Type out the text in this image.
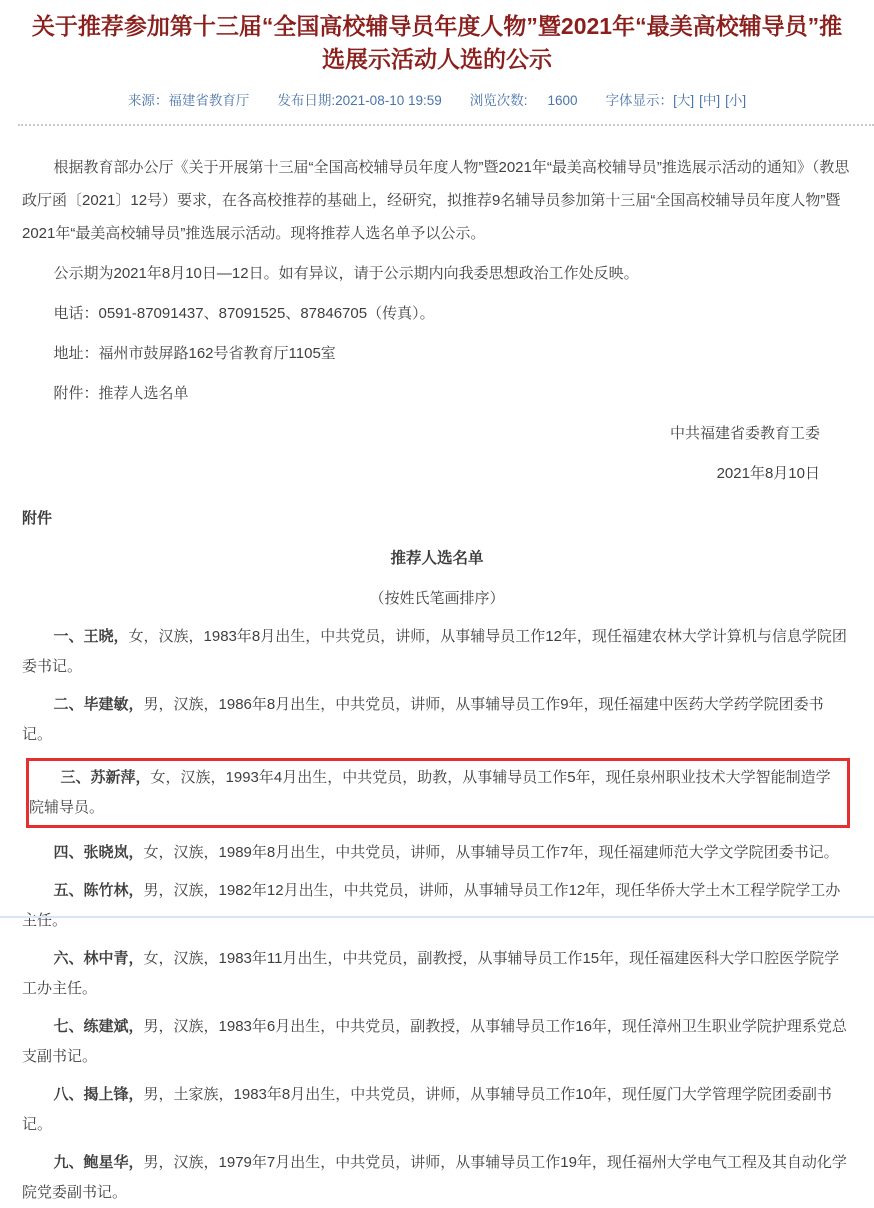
关于推荐参加第十三届“全国高校辅导员年度人物”暨2021年“最美高校辅导员”推选展示活动人选的公示
来源： 福建省教育厅 发布日期: 2021-08-10 19:59 浏览次数: 1600 字体显示： [大] [中] [小]

根据教育部办公厅《关于开展第十三届“全国高校辅导员年度人物”暨2021年“最美高校辅导员”推选展示活动的通知》（教思政厅函〔2021〕12号）要求，在各高校推荐的基础上，经研究，拟推荐9名辅导员参加第十三届“全国高校辅导员年度人物”暨2021年“最美高校辅导员”推选展示活动。现将推荐人选名单予以公示。

公示期为2021年8月10日—12日。如有异议，请于公示期内向我委思想政治工作处反映。

电话：0591-87091437、87091525、87846705（传真）。

地址：福州市鼓屏路162号省教育厅1105室

附件：推荐人选名单

中共福建省委教育工委

2021年8月10日

附件

推荐人选名单

（按姓氏笔画排序）

一、王晓，女，汉族，1983年8月出生，中共党员，讲师，从事辅导员工作12年，现任福建农林大学计算机与信息学院团委书记。
二、毕建敏，男，汉族，1986年8月出生，中共党员，讲师，从事辅导员工作9年，现任福建中医药大学药学院团委书记。
三、苏新萍，女，汉族，1993年4月出生，中共党员，助教，从事辅导员工作5年，现任泉州职业技术大学智能制造学院辅导员。
四、张晓岚，女，汉族，1989年8月出生，中共党员，讲师，从事辅导员工作7年，现任福建师范大学文学院团委书记。
五、陈竹林，男，汉族，1982年12月出生，中共党员，讲师，从事辅导员工作12年，现任华侨大学土木工程学院学工办主任。
六、林中青，女，汉族，1983年11月出生，中共党员，副教授，从事辅导员工作15年，现任福建医科大学口腔医学院学工办主任。
七、练建斌，男，汉族，1983年6月出生，中共党员，副教授，从事辅导员工作16年，现任漳州卫生职业学院护理系党总支副书记。
八、揭上锋，男，土家族，1983年8月出生，中共党员，讲师，从事辅导员工作10年，现任厦门大学管理学院团委副书记。
九、鲍星华，男，汉族，1979年7月出生，中共党员，讲师，从事辅导员工作19年，现任福州大学电气工程及其自动化学院党委副书记。
